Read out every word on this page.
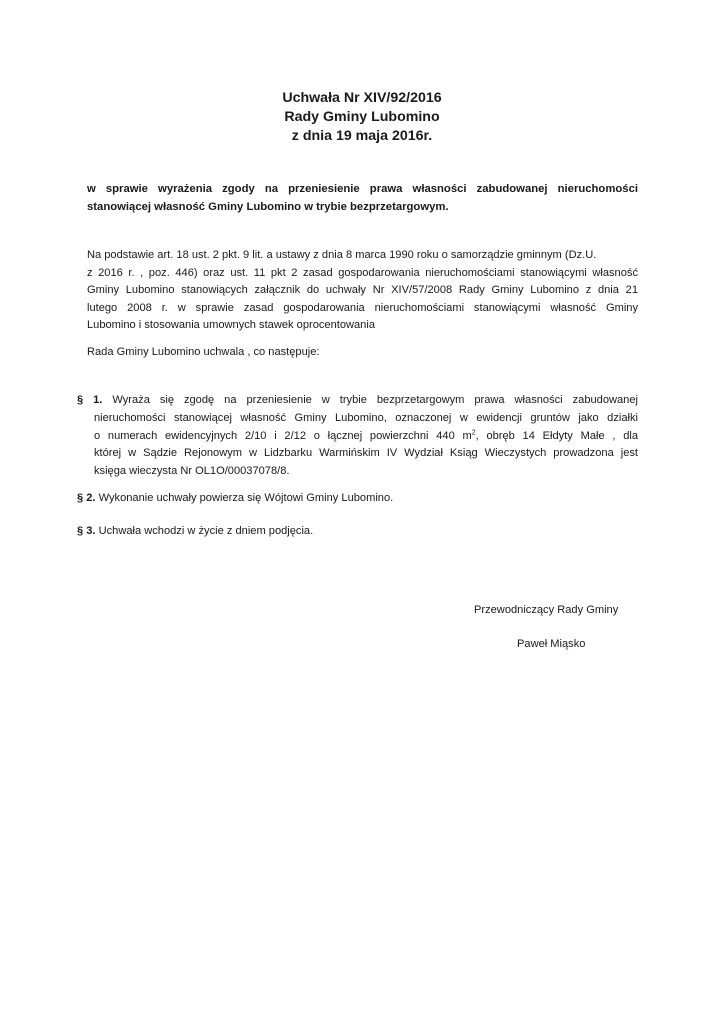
Uchwała Nr XIV/92/2016
Rady Gminy Lubomino
z dnia 19 maja 2016r.
w sprawie wyrażenia zgody na przeniesienie prawa własności zabudowanej nieruchomości
stanowiącej własność Gminy Lubomino w trybie bezprzetargowym.
Na podstawie art. 18 ust. 2 pkt. 9 lit. a ustawy z dnia 8 marca 1990 roku o samorządzie gminnym (Dz.U.
z 2016 r. , poz. 446) oraz ust. 11 pkt 2 zasad gospodarowania nieruchomościami stanowiącymi własność
Gminy Lubomino stanowiących załącznik do uchwały Nr XIV/57/2008 Rady Gminy Lubomino z dnia 21
lutego 2008 r. w sprawie zasad gospodarowania nieruchomościami stanowiącymi własność Gminy
Lubomino i stosowania umownych stawek oprocentowania
Rada Gminy Lubomino uchwala , co następuje:
§ 1. Wyraża się zgodę na przeniesienie w trybie bezprzetargowym prawa własności zabudowanej
nieruchomości stanowiącej własność Gminy Lubomino, oznaczonej w ewidencji gruntów jako działki
o numerach ewidencyjnych 2/10 i 2/12 o łącznej powierzchni 440 $m^2$, obręb 14 Ełdyty Małe , dla
której w Sądzie Rejonowym w Lidzbarku Warmińskim IV Wydział Ksiąg Wieczystych prowadzona jest
księga wieczysta Nr OL1O/00037078/8.
§ 2. Wykonanie uchwały powierza się Wójtowi Gminy Lubomino.
§ 3. Uchwała wchodzi w życie z dniem podjęcia.
Przewodniczący Rady Gminy
Paweł Miąsko
